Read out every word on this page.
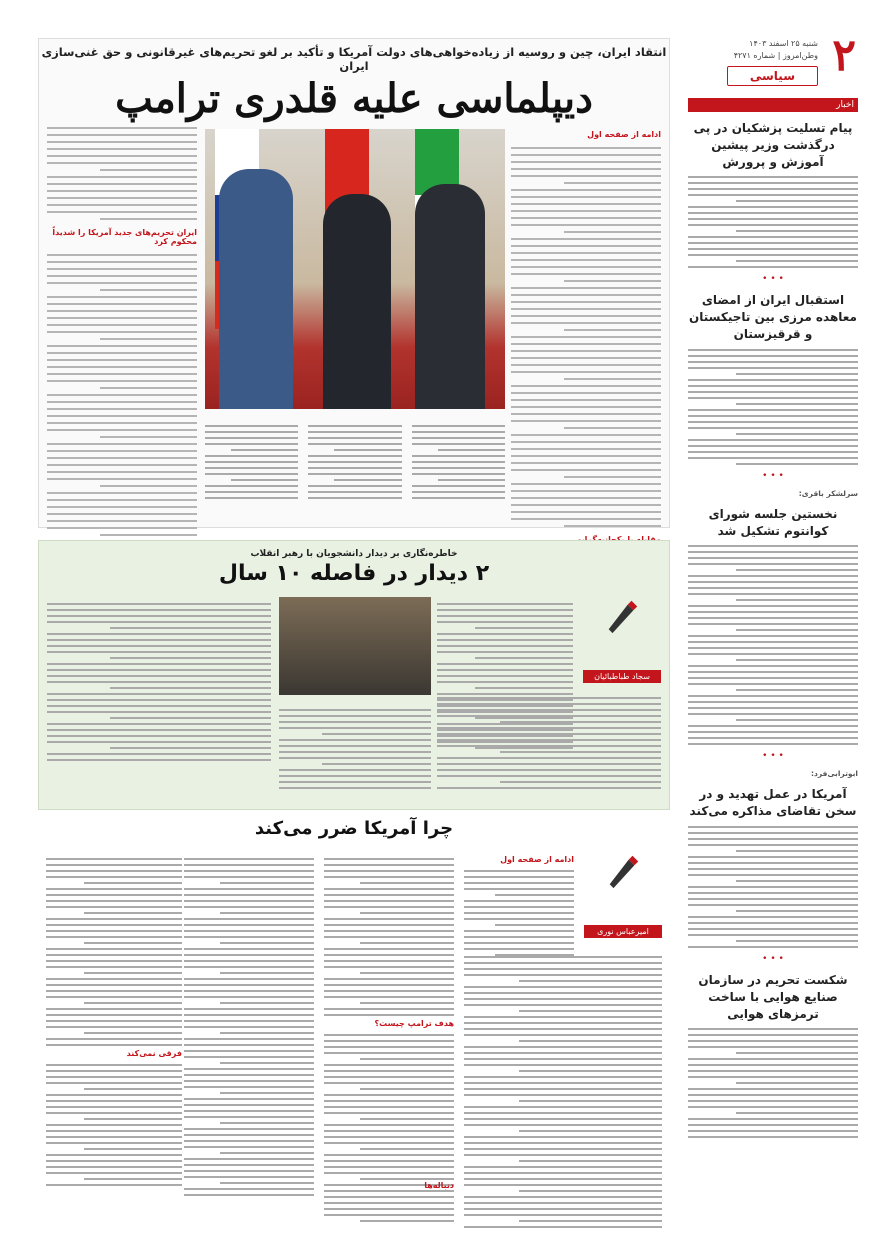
۲
شنبه ۲۵ اسفند ۱۴۰۳
وطن‌امروز | شماره ۴۲۷۱
سیاسی
اخبار
پیام تسلیت پزشکیان در پی درگذشت وزیر پیشین آموزش و پرورش
• • •
استقبال ایران از امضای معاهده مرزی بین تاجیکستان و قرقیزستان
• • •
سرلشکر باقری:
نخستین جلسه شورای کوانتوم تشکیل شد
• • •
ابوترابی‌فرد:
آمریکا در عمل تهدید و در سخن تقاضای مذاکره می‌کند
• • •
شکست تحریم در سازمان صنایع هوایی با ساخت ترمزهای هوایی
انتقاد ایران، چین و روسیه از زیاده‌خواهی‌های دولت آمریکا و تأکید بر لغو تحریم‌های غیرقانونی و حق غنی‌سازی ایران
دیپلماسی علیه قلدری ترامپ
ادامه از صفحه اول
ایران تحریم‌های جدید آمریکا را شدیداً محکوم کرد
خاطره‌نگاری بر دیدار دانشجویان با رهبر انقلاب
۲ دیدار در فاصله ۱۰ سال
سجاد طباطبائیان
چرا آمریکا ضرر می‌کند
امیرعباس نوری
ادامه از صفحه اول
هدف ترامپ چیست؟
فرقی نمی‌کند
دنباله‌ها
